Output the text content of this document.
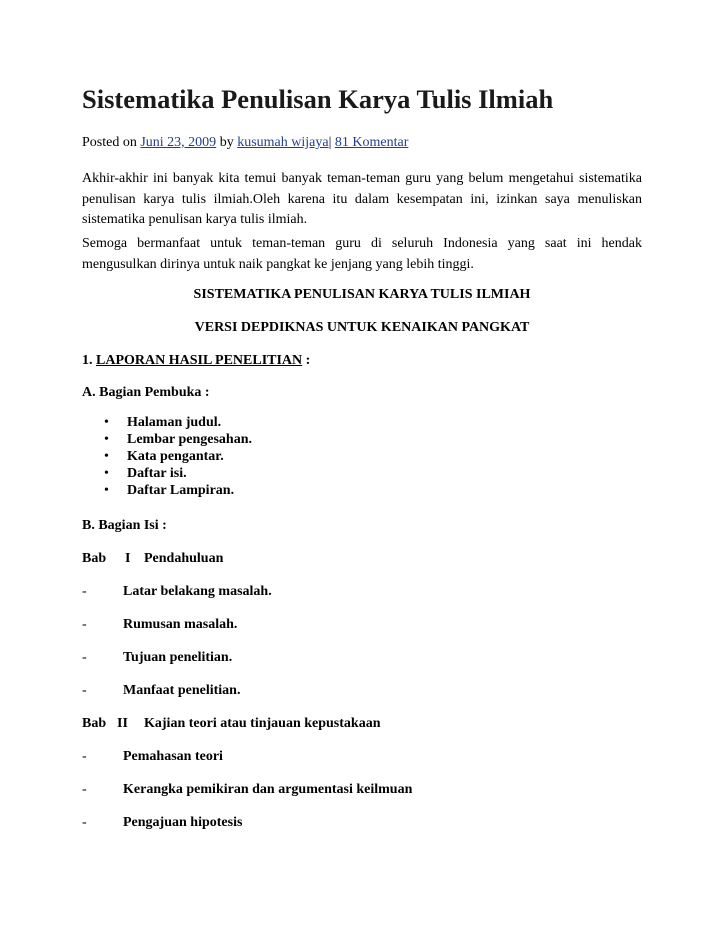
Sistematika Penulisan Karya Tulis Ilmiah
Posted on Juni 23, 2009 by kusumah wijaya| 81 Komentar

Akhir-akhir ini banyak kita temui banyak teman-teman guru yang belum mengetahui sistematika penulisan karya tulis ilmiah.Oleh karena itu dalam kesempatan ini, izinkan saya menuliskan sistematika penulisan karya tulis ilmiah.

Semoga bermanfaat untuk teman-teman guru di seluruh Indonesia yang saat ini hendak mengusulkan dirinya untuk naik pangkat ke jenjang yang lebih tinggi.

SISTEMATIKA PENULISAN KARYA TULIS ILMIAH

VERSI DEPDIKNAS UNTUK KENAIKAN PANGKAT

1. LAPORAN HASIL PENELITIAN :

A. Bagian Pembuka :

• Halaman judul.
• Lembar pengesahan.
• Kata pengantar.
• Daftar isi.
• Daftar Lampiran.

B. Bagian Isi :

Bab I Pendahuluan
-	Latar belakang masalah.
-	Rumusan masalah.
-	Tujuan penelitian.
-	Manfaat penelitian.
Bab II Kajian teori atau tinjauan kepustakaan
-	Pemahasan teori
-	Kerangka pemikiran dan argumentasi keilmuan
-	Pengajuan hipotesis
